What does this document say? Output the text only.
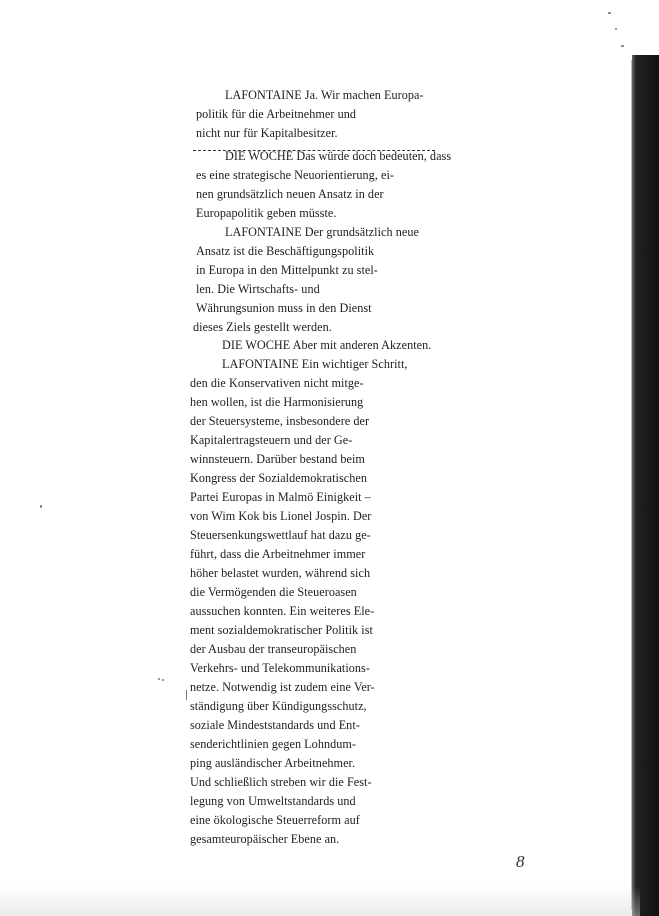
LAFONTAINE Ja. Wir machen Europa-
politik für die Arbeitnehmer und
nicht nur für Kapitalbesitzer.
DIE WOCHE Das würde doch bedeuten, dass
es eine strategische Neuorientierung, ei-
nen grundsätzlich neuen Ansatz in der
Europapolitik geben müsste.
LAFONTAINE Der grundsätzlich neue
Ansatz ist die Beschäftigungspolitik
in Europa in den Mittelpunkt zu stel-
len. Die Wirtschafts- und
Währungsunion muss in den Dienst
dieses Ziels gestellt werden.
DIE WOCHE Aber mit anderen Akzenten.
LAFONTAINE Ein wichtiger Schritt,
den die Konservativen nicht mitge-
hen wollen, ist die Harmonisierung
der Steuersysteme, insbesondere der
Kapitalertragsteuern und der Ge-
winnsteuern. Darüber bestand beim
Kongress der Sozialdemokratischen
Partei Europas in Malmö Einigkeit –
von Wim Kok bis Lionel Jospin. Der
Steuersenkungswettlauf hat dazu ge-
führt, dass die Arbeitnehmer immer
höher belastet wurden, während sich
die Vermögenden die Steueroasen
aussuchen konnten. Ein weiteres Ele-
ment sozialdemokratischer Politik ist
der Ausbau der transeuropäischen
Verkehrs- und Telekommunikations-
netze. Notwendig ist zudem eine Ver-
ständigung über Kündigungsschutz,
soziale Mindeststandards und Ent-
senderichtlinien gegen Lohndum-
ping ausländischer Arbeitnehmer.
Und schließlich streben wir die Fest-
legung von Umweltstandards und
eine ökologische Steuerreform auf
gesamteuropäischer Ebene an.
8
